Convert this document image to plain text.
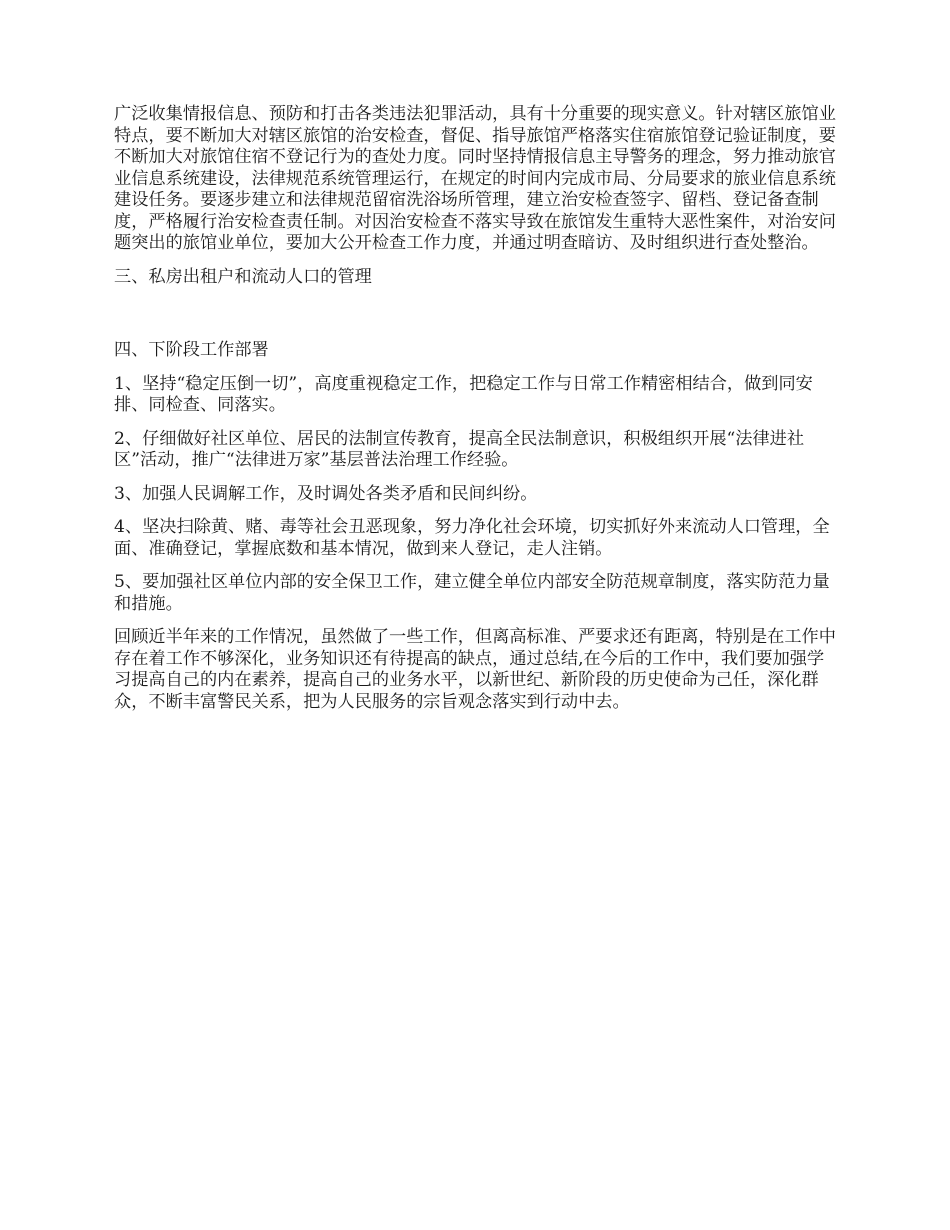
广泛收集情报信息、预防和打击各类违法犯罪活动，具有十分重要的现实意义。针对辖区旅馆业特点，要不断加大对辖区旅馆的治安检查，督促、指导旅馆严格落实住宿旅馆登记验证制度，要不断加大对旅馆住宿不登记行为的查处力度。同时坚持情报信息主导警务的理念，努力推动旅官业信息系统建设，法律规范系统管理运行，在规定的时间内完成市局、分局要求的旅业信息系统建设任务。要逐步建立和法律规范留宿洗浴场所管理，建立治安检查签字、留档、登记备查制度，严格履行治安检查责任制。对因治安检查不落实导致在旅馆发生重特大恶性案件，对治安问题突出的旅馆业单位，要加大公开检查工作力度，并通过明查暗访、及时组织进行查处整治。

三、私房出租户和流动人口的管理

四、下阶段工作部署

1、坚持“稳定压倒一切”，高度重视稳定工作，把稳定工作与日常工作精密相结合，做到同安排、同检查、同落实。

2、仔细做好社区单位、居民的法制宣传教育，提高全民法制意识，积极组织开展“法律进社区”活动，推广“法律进万家”基层普法治理工作经验。

3、加强人民调解工作，及时调处各类矛盾和民间纠纷。

4、坚决扫除黄、赌、毒等社会丑恶现象，努力净化社会环境，切实抓好外来流动人口管理，全面、准确登记，掌握底数和基本情况，做到来人登记，走人注销。

5、要加强社区单位内部的安全保卫工作，建立健全单位内部安全防范规章制度，落实防范力量和措施。

回顾近半年来的工作情况，虽然做了一些工作，但离高标准、严要求还有距离，特别是在工作中存在着工作不够深化，业务知识还有待提高的缺点，通过总结,在今后的工作中，我们要加强学习提高自己的内在素养，提高自己的业务水平，以新世纪、新阶段的历史使命为己任，深化群众，不断丰富警民关系，把为人民服务的宗旨观念落实到行动中去。
